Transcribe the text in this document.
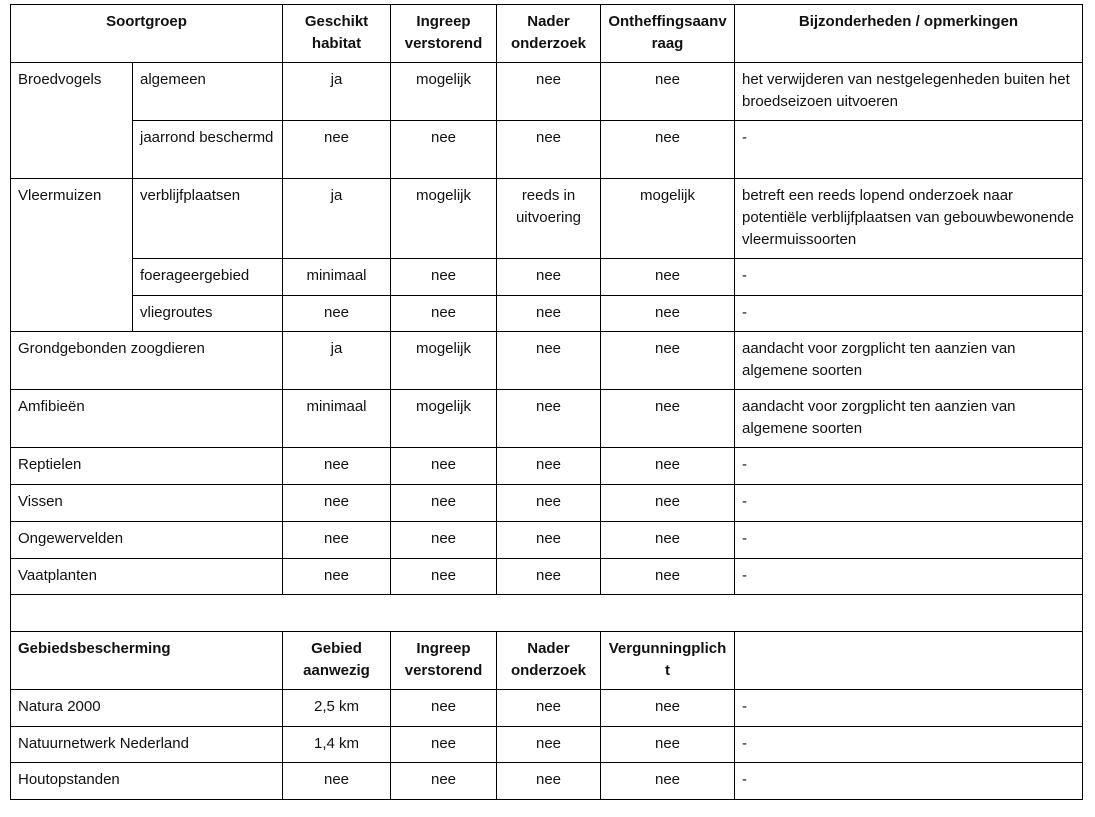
Soortgroep		Geschikt habitat	Ingreep verstorend	Nader onderzoek	Ontheffingsaanvraag	Bijzonderheden / opmerkingen
Broedvogels	algemeen	ja	mogelijk	nee	nee	het verwijderen van nestgelegenheden buiten het broedseizoen uitvoeren
	jaarrond beschermd	nee	nee	nee	nee	-
Vleermuizen	verblijfplaatsen	ja	mogelijk	reeds in uitvoering	mogelijk	betreft een reeds lopend onderzoek naar potentiële verblijfplaatsen van gebouwbewonende vleermuissoorten
	foerageergebied	minimaal	nee	nee	nee	-
	vliegroutes	nee	nee	nee	nee	-
Grondgebonden zoogdieren		ja	mogelijk	nee	nee	aandacht voor zorgplicht ten aanzien van algemene soorten
Amfibieën		minimaal	mogelijk	nee	nee	aandacht voor zorgplicht ten aanzien van algemene soorten
Reptielen		nee	nee	nee	nee	-
Vissen		nee	nee	nee	nee	-
Ongewervelden		nee	nee	nee	nee	-
Vaatplanten		nee	nee	nee	nee	-

Gebiedsbescherming		Gebied aanwezig	Ingreep verstorend	Nader onderzoek	Vergunningplicht	
Natura 2000		2,5 km	nee	nee	nee	-
Natuurnetwerk Nederland		1,4 km	nee	nee	nee	-
Houtopstanden		nee	nee	nee	nee	-
